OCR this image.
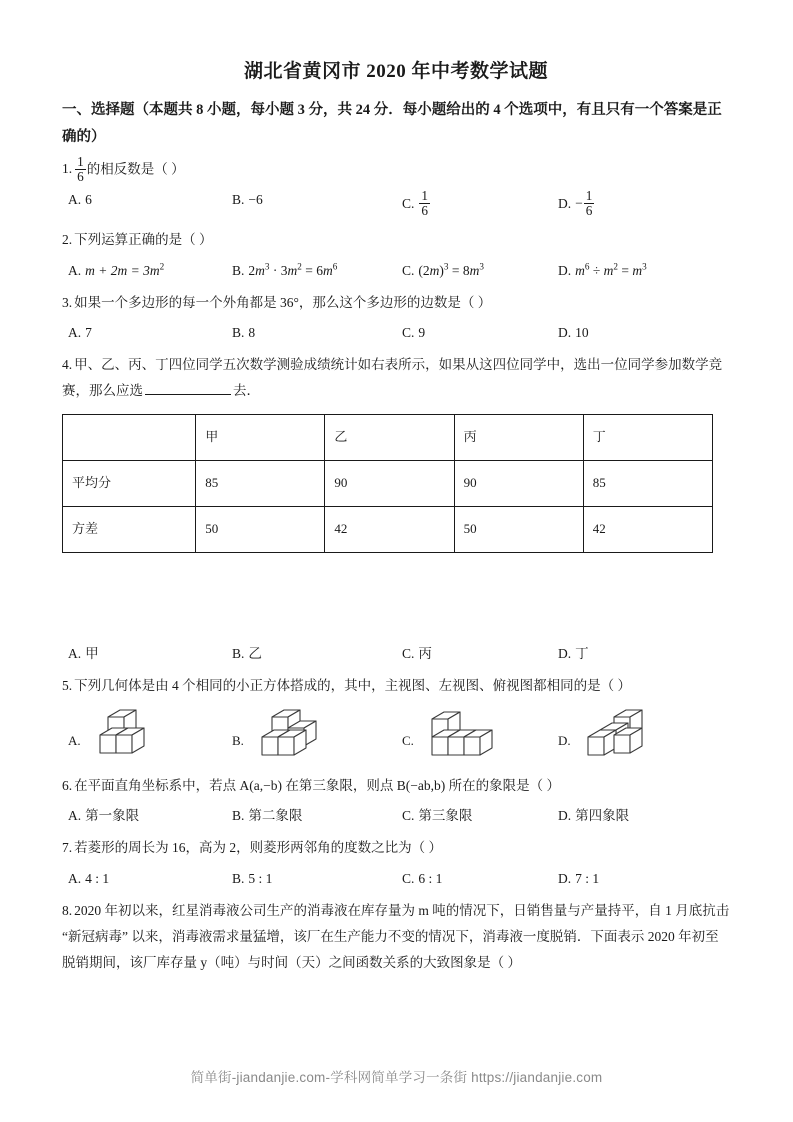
湖北省黄冈市 2020 年中考数学试题
一、选择题（本题共 8 小题，每小题 3 分，共 24 分．每小题给出的 4 个选项中，有且只有一个答案是正确的）
1. $\frac{1}{6}$ 的相反数是（ ）
A. 6	B. −6	C. $\frac{1}{6}$	D. − $\frac{1}{6}$
2. 下列运算正确的是（ ）
A. $m + 2m = 3m^2$	B. $2m^3 \cdot 3m^2 = 6m^6$	C. $(2m)^3 = 8m^3$	D. $m^6 \div m^2 = m^3$
3. 如果一个多边形的每一个外角都是 36°，那么这个多边形的边数是（ ）
A. 7	B. 8	C. 9	D. 10
4. 甲、乙、丙、丁四位同学五次数学测验成绩统计如右表所示，如果从这四位同学中，选出一位同学参加数学竞赛，那么应选	去．
	甲	乙	丙	丁
平均分	85	90	90	85
方差	50	42	50	42
A. 甲	B. 乙	C. 丙	D. 丁
5. 下列几何体是由 4 个相同的小正方体搭成的，其中，主视图、左视图、俯视图都相同的是（ ）
A.	B.	C.	D.
6. 在平面直角坐标系中，若点 A(a,−b) 在第三象限，则点 B(−ab,b) 所在的象限是（ ）
A. 第一象限	B. 第二象限	C. 第三象限	D. 第四象限
7. 若菱形的周长为 16，高为 2，则菱形两邻角的度数之比为（ ）
A. 4 : 1	B. 5 : 1	C. 6 : 1	D. 7 : 1
8. 2020 年初以来，红星消毒液公司生产的消毒液在库存量为 m 吨的情况下，日销售量与产量持平，自 1 月底抗击 “新冠病毒” 以来，消毒液需求量猛增，该厂在生产能力不变的情况下，消毒液一度脱销．下面表示 2020 年初至脱销期间，该厂库存量 y（吨）与时间（天）之间函数关系的大致图象是（ ）
简单街-jiandanjie.com-学科网简单学习一条街 https://jiandanjie.com
